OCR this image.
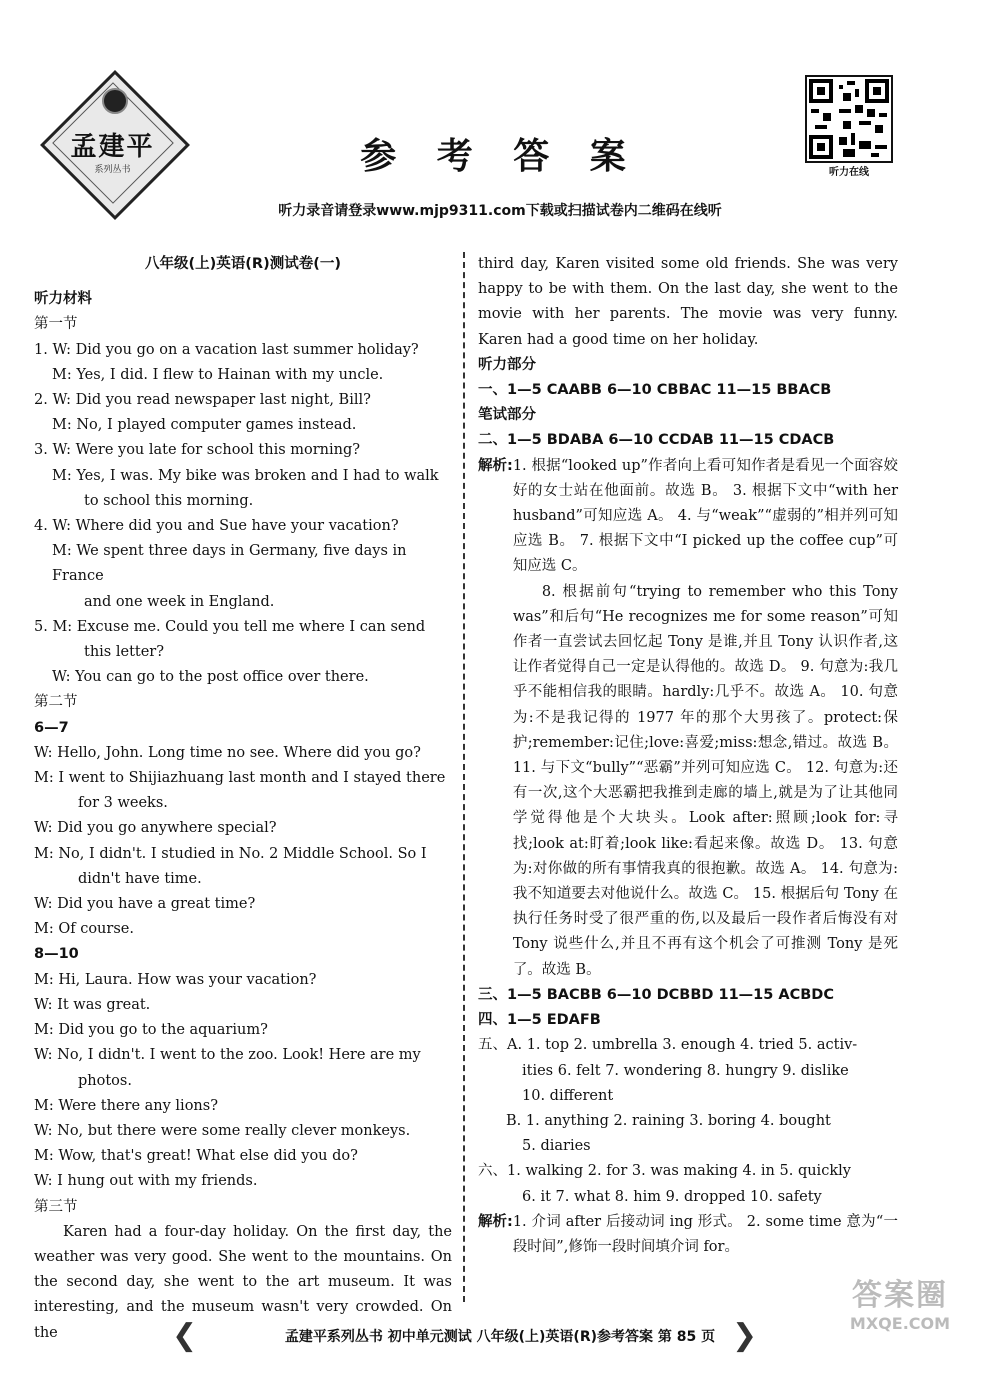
孟建平
系列丛书	参 考 答 案	听力在线
听力录音请登录www.mjp9311.com下载或扫描试卷内二维码在线听

八年级(上)英语(R)测试卷(一)

听力材料

第一节

1. W: Did you go on a vacation last summer holiday?

M: Yes, I did. I flew to Hainan with my uncle.

2. W: Did you read newspaper last night, Bill?

M: No, I played computer games instead.

3. W: Were you late for school this morning?

M: Yes, I was. My bike was broken and I had to walk

to school this morning.

4. W: Where did you and Sue have your vacation?

M: We spent three days in Germany, five days in France

and one week in England.

5. M: Excuse me. Could you tell me where I can send

this letter?

W: You can go to the post office over there.

第二节

6—7

W: Hello, John. Long time no see. Where did you go?

M: I went to Shijiazhuang last month and I stayed there

for 3 weeks.

W: Did you go anywhere special?

M: No, I didn't. I studied in No. 2 Middle School. So I

didn't have time.

W: Did you have a great time?

M: Of course.

8—10

M: Hi, Laura. How was your vacation?

W: It was great.

M: Did you go to the aquarium?

W: No, I didn't. I went to the zoo. Look! Here are my

photos.

M: Were there any lions?

W: No, but there were some really clever monkeys.

M: Wow, that's great! What else did you do?

W: I hung out with my friends.

第三节

Karen had a four-day holiday. On the first day, the weather was very good. She went to the mountains. On the second day, she went to the art museum. It was interesting, and the museum wasn't very crowded. On the

third day, Karen visited some old friends. She was very happy to be with them. On the last day, she went to the movie with her parents. The movie was very funny. Karen had a good time on her holiday.

听力部分

一、1—5 CAABB 6—10 CBBAC 11—15 BBACB

笔试部分

二、1—5 BDABA 6—10 CCDAB 11—15 CDACB

解析: 1. 根据“looked up”作者向上看可知作者是看见一个面容姣好的女士站在他面前。故选 B。 3. 根据下文中“with her husband”可知应选 A。 4. 与“weak”“虚弱的”相并列可知应选 B。 7. 根据下文中“I picked up the coffee cup”可知应选 C。

8. 根据前句“trying to remember who this Tony was”和后句“He recognizes me for some reason”可知作者一直尝试去回忆起 Tony 是谁,并且 Tony 认识作者,这让作者觉得自己一定是认得他的。故选 D。 9. 句意为:我几乎不能相信我的眼睛。hardly:几乎不。故选 A。 10. 句意为:不是我记得的 1977 年的那个大男孩了。protect:保护;remember:记住;love:喜爱;miss:想念,错过。故选 B。 11. 与下文“bully”“恶霸”并列可知应选 C。 12. 句意为:还有一次,这个大恶霸把我推到走廊的墙上,就是为了让其他同学觉得他是个大块头。Look after:照顾;look for:寻找;look at:盯着;look like:看起来像。故选 D。 13. 句意为:对你做的所有事情我真的很抱歉。故选 A。 14. 句意为:我不知道要去对他说什么。故选 C。 15. 根据后句 Tony 在执行任务时受了很严重的伤,以及最后一段作者后悔没有对 Tony 说些什么,并且不再有这个机会了可推测 Tony 是死了。故选 B。

三、1—5 BACBB 6—10 DCBBD 11—15 ACBDC

四、1—5 EDAFB

五、A. 1. top 2. umbrella 3. enough 4. tried 5. activ-

ities 6. felt 7. wondering 8. hungry 9. dislike

10. different

B. 1. anything 2. raining 3. boring 4. bought

5. diaries

六、1. walking 2. for 3. was making 4. in 5. quickly

6. it 7. what 8. him 9. dropped 10. safety

解析: 1. 介词 after 后接动词 ing 形式。 2. some time 意为“一段时间”,修饰一段时间填介词 for。

❮	孟建平系列丛书 初中单元测试 八年级(上)英语(R)参考答案 第 85 页 ❯
答案圈
MXQE.COM
